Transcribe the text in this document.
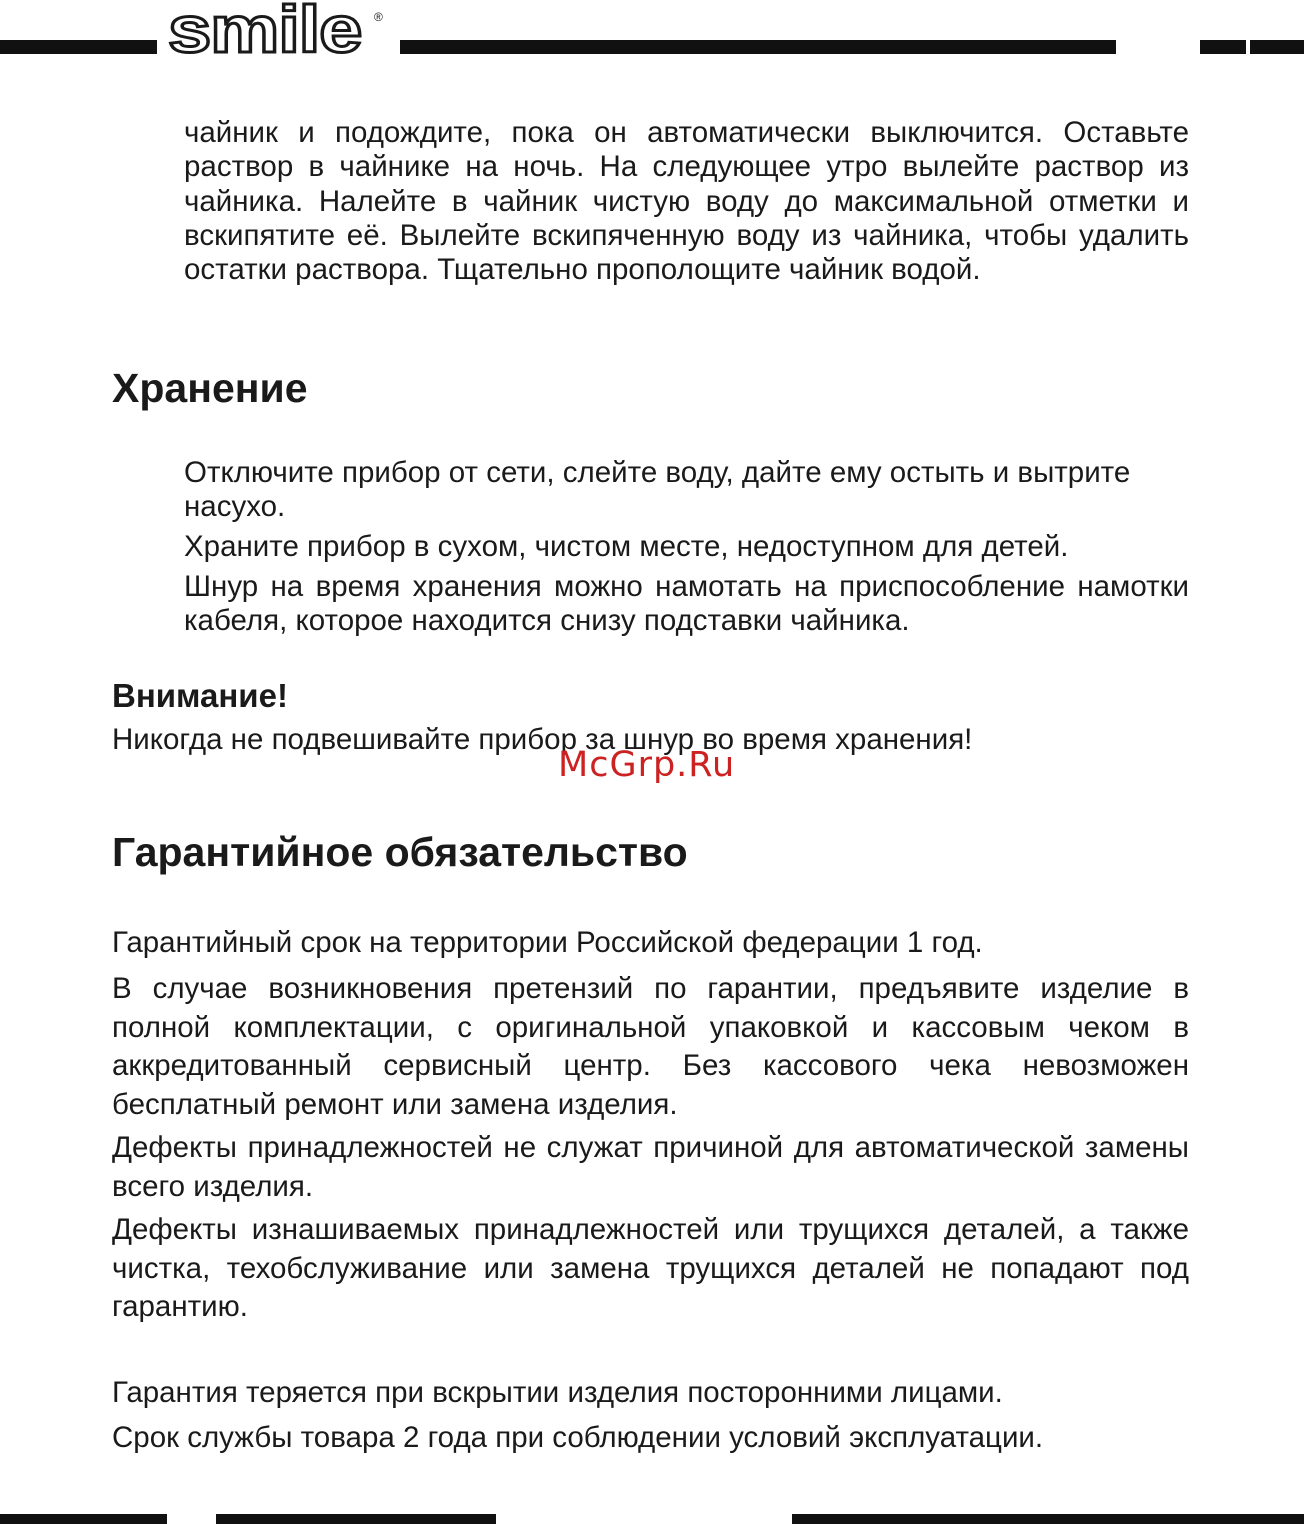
smile ®

чайник и подождите, пока он автоматически выключится. Оставьте раствор в чайнике на ночь. На следующее утро вылейте раствор из чайника. Налейте в чайник чистую воду до максимальной отметки и вскипятите её. Вылейте вскипяченную воду из чайника, чтобы удалить остатки раствора. Тщательно прополощите чайник водой.

Хранение

Отключите прибор от сети, слейте воду, дайте ему остыть и вытрите насухо.

Храните прибор в сухом, чистом месте, недоступном для детей.

Шнур на время хранения можно намотать на приспособление намотки кабеля, которое находится снизу подставки чайника.

Внимание!

Никогда не подвешивайте прибор за шнур во время хранения!

McGrp.Ru
Гарантийное обязательство

Гарантийный срок на территории Российской федерации 1 год.

В случае возникновения претензий по гарантии, предъявите изделие в полной комплектации, с оригинальной упаковкой и кассовым чеком в аккредитованный сервисный центр. Без кассового чека невозможен бесплатный ремонт или замена изделия.

Дефекты принадлежностей не служат причиной для автоматической замены всего изделия.

Дефекты изнашиваемых принадлежностей или трущихся деталей, а также чистка, техобслуживание или замена трущихся деталей не попадают под гарантию.

Гарантия теряется при вскрытии изделия посторонними лицами.

Срок службы товара 2 года при соблюдении условий эксплуатации.
